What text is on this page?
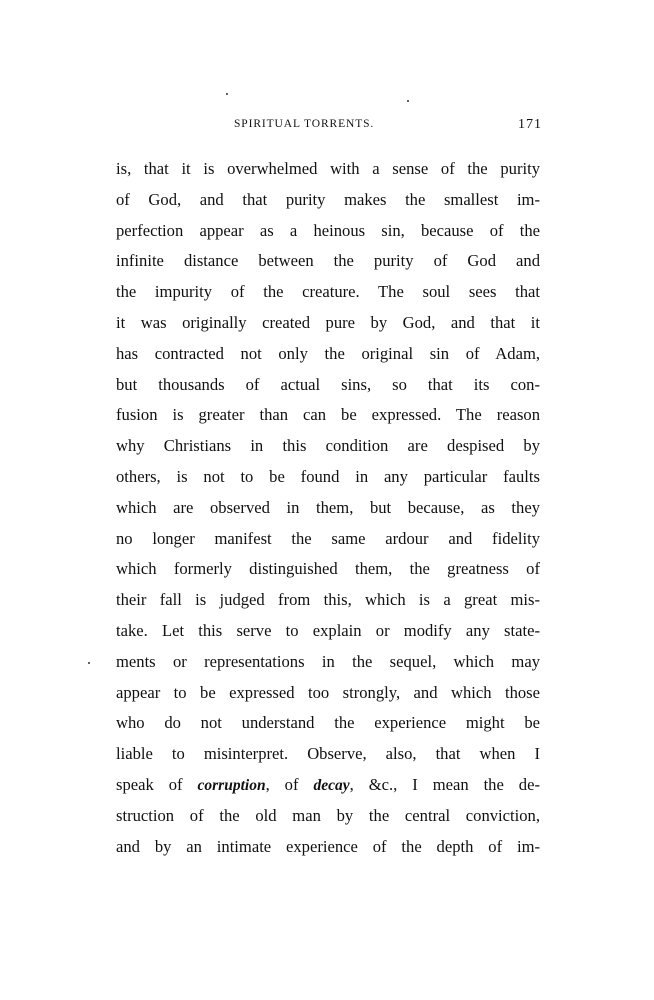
SPIRITUAL TORRENTS.	171
is, that it is overwhelmed with a sense of the purity
of God, and that purity makes the smallest im-
perfection appear as a heinous sin, because of the
infinite distance between the purity of God and
the impurity of the creature. The soul sees that
it was originally created pure by God, and that it
has contracted not only the original sin of Adam,
but thousands of actual sins, so that its con-
fusion is greater than can be expressed. The reason
why Christians in this condition are despised by
others, is not to be found in any particular faults
which are observed in them, but because, as they
no longer manifest the same ardour and fidelity
which formerly distinguished them, the greatness of
their fall is judged from this, which is a great mis-
take. Let this serve to explain or modify any state-
ments or representations in the sequel, which may
appear to be expressed too strongly, and which those
who do not understand the experience might be
liable to misinterpret. Observe, also, that when I
speak of corruption, of decay, &c., I mean the de-
struction of the old man by the central conviction,
and by an intimate experience of the depth of im-
